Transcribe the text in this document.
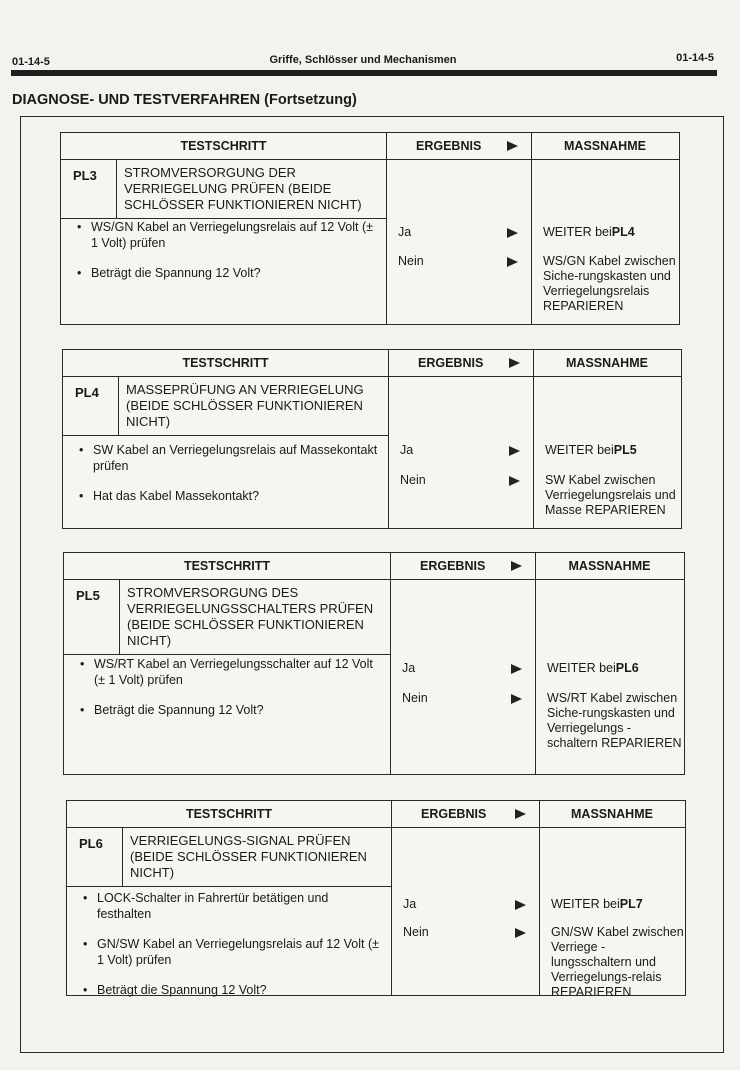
01-14-5	Griffe, Schlösser und Mechanismen	01-14-5
DIAGNOSE- UND TESTVERFAHREN (Fortsetzung)
TESTSCHRITT	ERGEBNIS	MASSNAHME
PL3	STROMVERSORGUNG DER VERRIEGELUNG PRÜFEN (BEIDE SCHLÖSSER FUNKTIONIEREN NICHT)
• WS/GN Kabel an Verriegelungsrelais auf 12 Volt (± 1 Volt) prüfen
• Beträgt die Spannung 12 Volt?
Ja	WEITER beiPL4
Nein	WS/GN Kabel zwischen Siche-rungskasten und Verriegelungsrelais REPARIEREN
TESTSCHRITT	ERGEBNIS	MASSNAHME
PL4	MASSEPRÜFUNG AN VERRIEGELUNG (BEIDE SCHLÖSSER FUNKTIONIEREN NICHT)
• SW Kabel an Verriegelungsrelais auf Massekontakt prüfen
• Hat das Kabel Massekontakt?
Ja	WEITER beiPL5
Nein	SW Kabel zwischen Verriegelungsrelais und Masse REPARIEREN
TESTSCHRITT	ERGEBNIS	MASSNAHME
PL5	STROMVERSORGUNG DES VERRIEGELUNGSSCHALTERS PRÜFEN (BEIDE SCHLÖSSER FUNKTIONIEREN NICHT)
• WS/RT Kabel an Verriegelungsschalter auf 12 Volt (± 1 Volt) prüfen
• Beträgt die Spannung 12 Volt?
Ja	WEITER beiPL6
Nein	WS/RT Kabel zwischen Siche-rungskasten und Verriegelungs - schaltern REPARIEREN
TESTSCHRITT	ERGEBNIS	MASSNAHME
PL6	VERRIEGELUNGS-SIGNAL PRÜFEN (BEIDE SCHLÖSSER FUNKTIONIEREN NICHT)
• LOCK-Schalter in Fahrertür betätigen und festhalten
• GN/SW Kabel an Verriegelungsrelais auf 12 Volt (± 1 Volt) prüfen
• Beträgt die Spannung 12 Volt?
Ja	WEITER beiPL7
Nein	GN/SW Kabel zwischen Verriege - lungsschaltern und Verriegelungs-relais REPARIEREN
